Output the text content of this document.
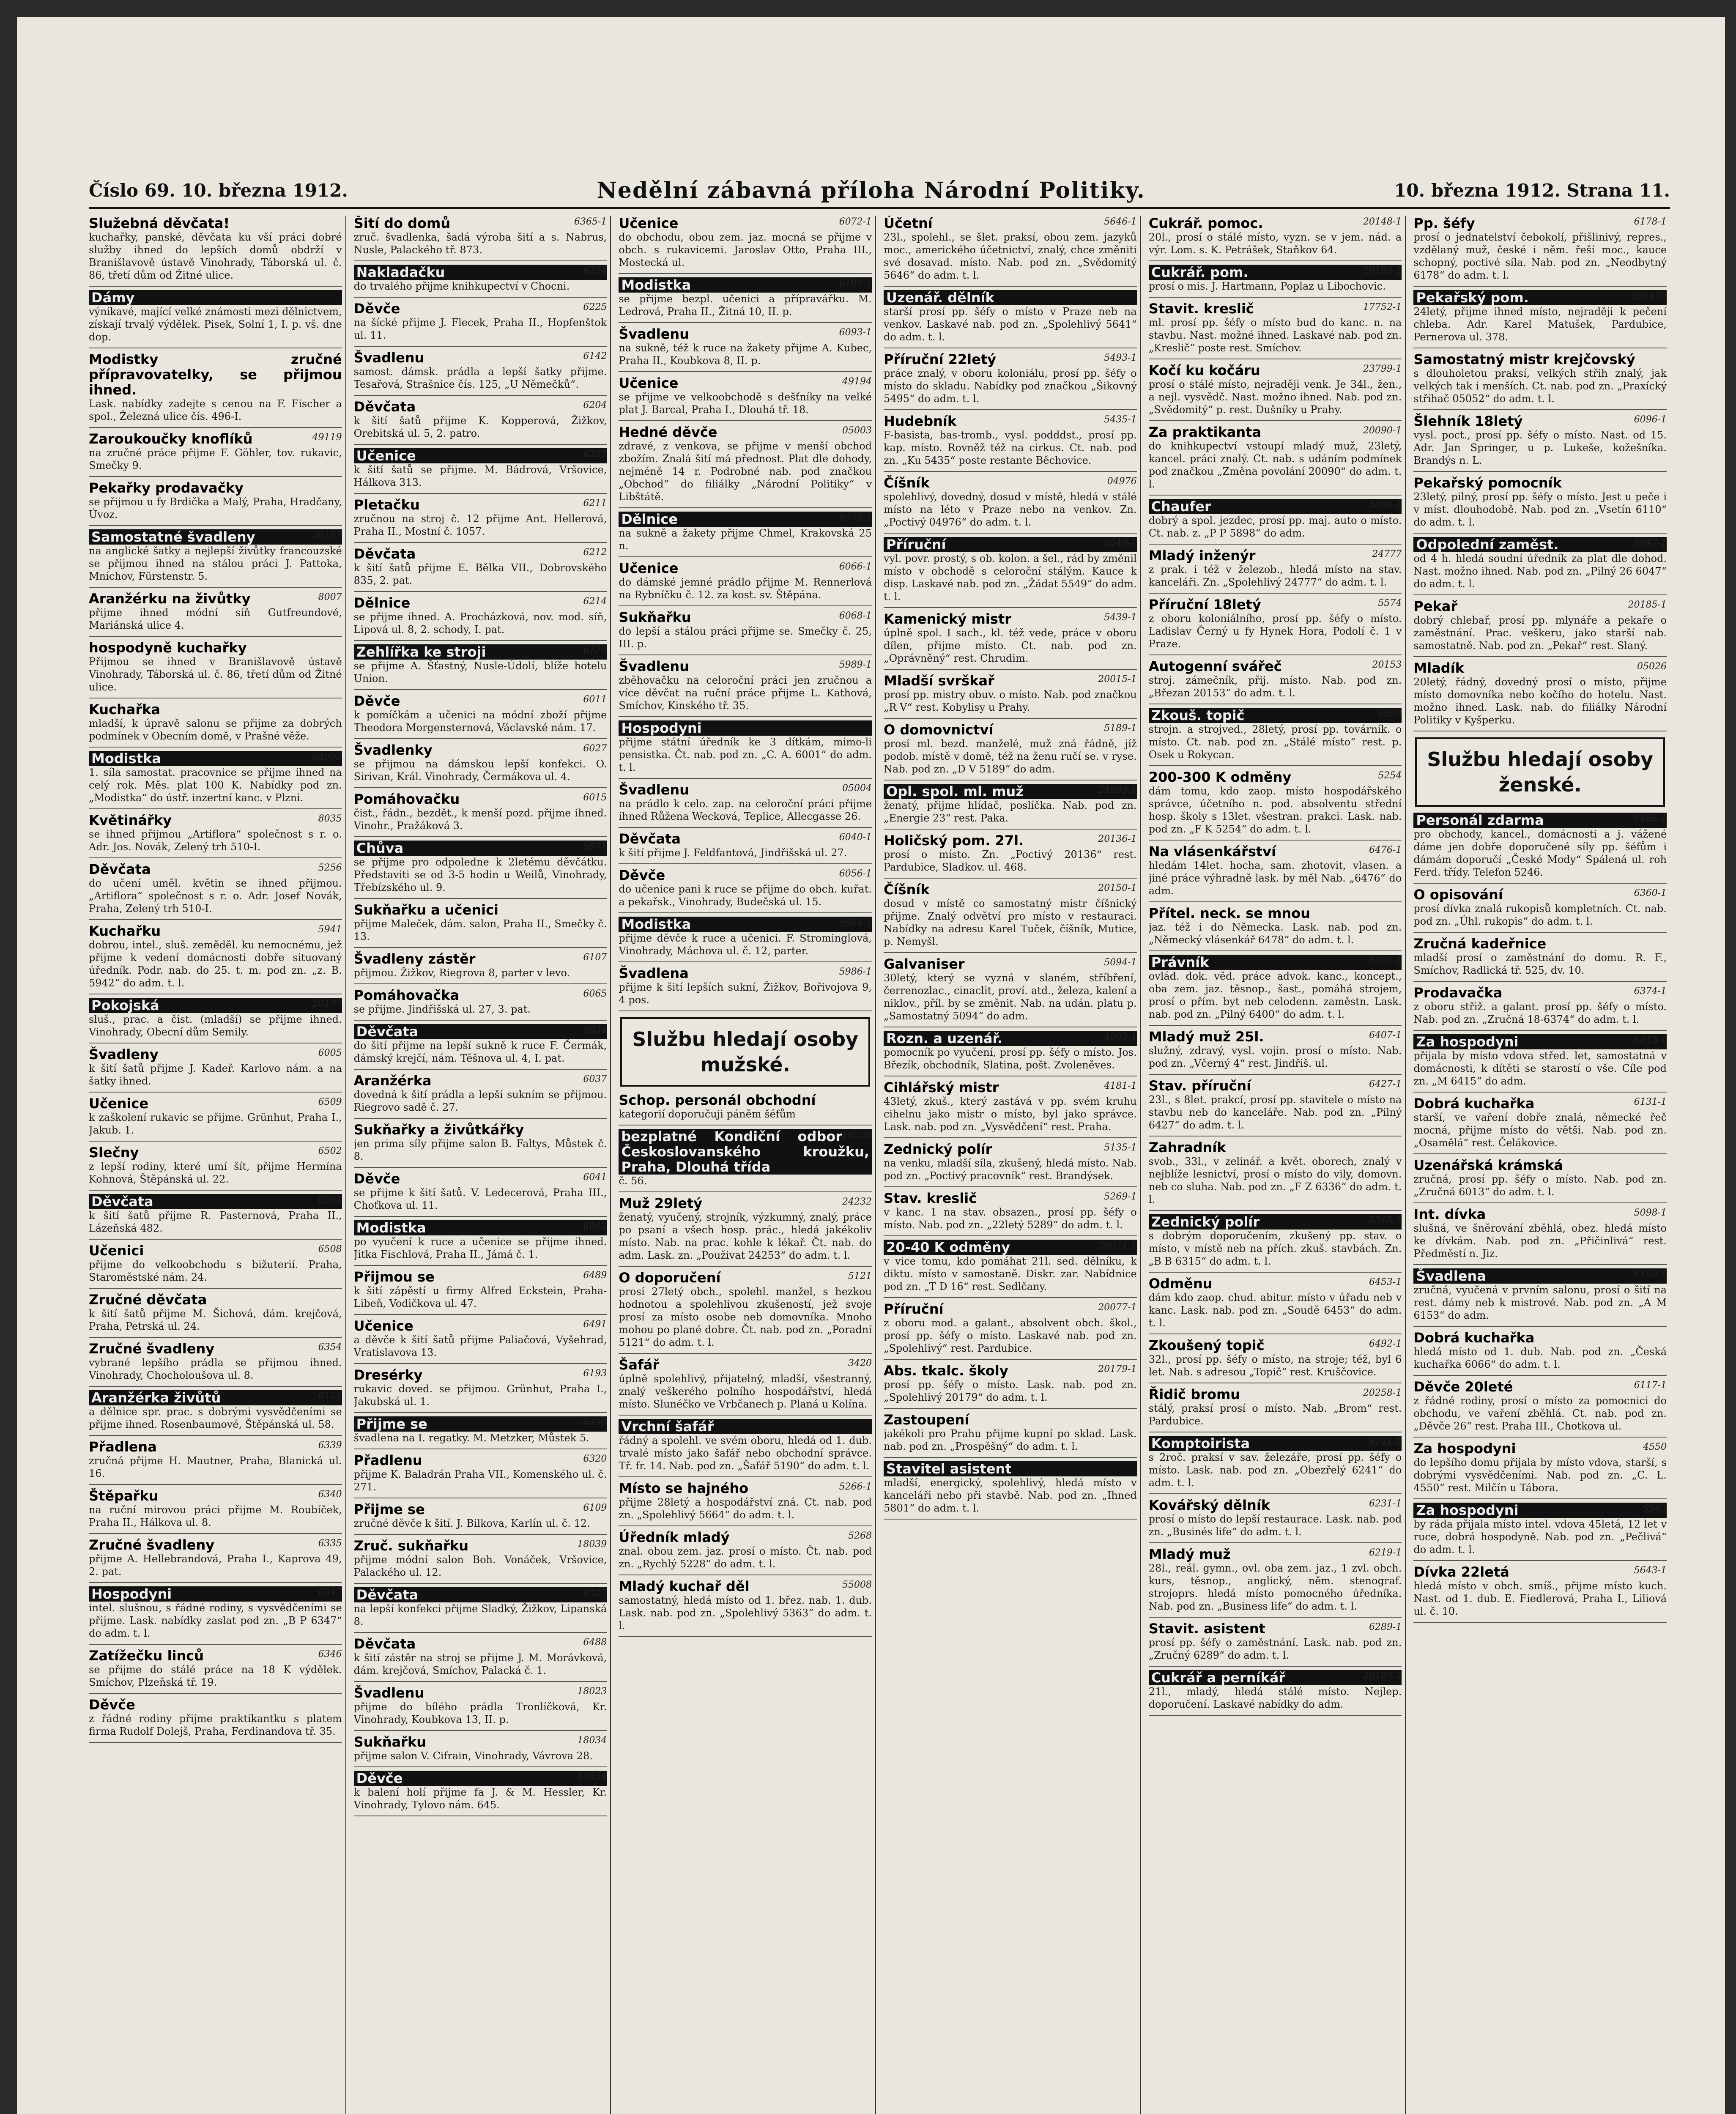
Číslo 69. 10. března 1912.	Nedělní zábavná příloha Národní Politiky.	10. března 1912. Strana 11.
Služebná děvčata!
kuchařky, panské, děvčata ku vší práci dobré služby ihned do lepších domů obdrží v Branišlavově ústavě Vinohrady, Táborská ul. č. 86, třetí dům od Žitné ulice.
Dámy
výnikavé, mající velké známosti mezi dělnictvem, získají trvalý výdělek. Pisek, Solní 1, I. p. vš. dne dop.
Modistky zručné přípravovatelky, se přijmou ihned.
Lask. nabídky zadejte s cenou na F. Fischer a spol., Železná ulice čís. 496-I.
49119
Zaroukoučky knoflíků
na zručné práce přijme F. Göhler, tov. rukavic, Smečky 9.
Pekařky prodavačky
se přijmou u fy Brdička a Malý, Praha, Hradčany, Úvoz.
20187
Samostatné švadleny
na anglické šatky a nejlepší živůtky francouzské se přijmou ihned na stálou práci J. Pattoka, Mníchov, Fürstenstr. 5.
8007
Aranžérku na živůtky
přijme ihned módní síň Gutfreundové, Mariánská ulice 4.
hospodyně kuchařky
Přijmou se ihned v Branišlavově ústavě Vinohrady, Táborská ul. č. 86, třetí dům od Žitné ulice.
Kuchařka
mladší, k úpravě salonu se přijme za dobrých podmínek v Obecním domě, v Prašné věže.
04903
Modistka
1. síla samostat. pracovnice se přijme ihned na celý rok. Měs. plat 100 K. Nabídky pod zn. „Modistka“ do ústř. inzertní kanc. v Plzni.
8035
Květinářky
se ihned přijmou „Artiflora“ společnost s r. o. Adr. Jos. Novák, Zelený trh 510-I.
5256
Děvčata
do učení uměl. květin se ihned přijmou. „Artiflora“ společnost s r. o. Adr. Josef Novák, Praha, Zelený trh 510-I.
5941
Kuchařku
dobrou, intel., sluš. zeměděl. ku nemocnému, jež přijme k vedení domácnosti dobře situovaný úředník. Podr. nab. do 25. t. m. pod zn. „z. B. 5942“ do adm. t. l.
20177
Pokojská
sluš., prac. a čist. (mladší) se přijme ihned. Vinohrady, Obecní dům Semily.
6005
Švadleny
k šití šatů přijme J. Kadeř. Karlovo nám. a na šatky ihned.
6509
Učenice
k zaškolení rukavic se přijme. Grünhut, Praha I., Jakub. 1.
6502
Slečny
z lepší rodiny, které umí šít, přijme Hermína Kohnová, Štěpánská ul. 22.
6504
Děvčata
k šití šatů přijme R. Pasternová, Praha II., Lázeňská 482.
6508
Učenici
přijme do velkoobchodu s bižuterií. Praha, Staroměstské nám. 24.
Zručné děvčata
k šití šatů přijme M. Šichová, dám. krejčová, Praha, Petrská ul. 24.
6354
Zručné švadleny
vybrané lepšího prádla se přijmou ihned. Vinohrady, Chocholoušova ul. 8.
6151
Aranžérka živůtů
a dělnice spr. prac. s dobrými vysvědčeními se přijme ihned. Rosenbaumové, Štěpánská ul. 58.
6339
Přadlena
zručná přijme H. Mautner, Praha, Blanická ul. 16.
6340
Štěpařku
na ruční mirovou práci přijme M. Roubíček, Praha II., Hálkova ul. 8.
6335
Zručné švadleny
přijme A. Hellebrandová, Praha I., Kaprova 49, 2. pat.
6347
Hospodyni
intel. slušnou, s řádné rodiny, s vysvědčeními se přijme. Lask. nabídky zaslat pod zn. „B P 6347“ do adm. t. l.
6346
Zatížečku linců
se přijme do stálé práce na 18 K výdělek. Smíchov, Plzeňská tř. 19.
Děvče
z řádné rodiny přijme praktikantku s platem firma Rudolf Dolejš, Praha, Ferdinandova tř. 35.
6365-1
Šití do domů
zruč. švadlenka, šadá výroba šití a s. Nabrus, Nusle, Palackého tř. 873.
6224
Nakladačku
do trvalého přijme knihkupectví v Chocni.
6225
Děvče
na šícké přijme J. Flecek, Praha II., Hopfenštok ul. 11.
6142
Švadlenu
samost. dámsk. prádla a lepší šatky přijme. Tesařová, Strašnice čís. 125, „U Němečků“.
6204
Děvčata
k šití šatů přijme K. Kopperová, Žižkov, Orebitská ul. 5, 2. patro.
6207
Učenice
k šití šatů se přijme. M. Bádrová, Vršovice, Hálkova 313.
6211
Pletačku
zručnou na stroj č. 12 přijme Ant. Hellerová, Praha II., Mostní č. 1057.
6212
Děvčata
k šití šatů přijme E. Bělka VII., Dobrovského 835, 2. pat.
6214
Dělnice
se přijme ihned. A. Procházková, nov. mod. síň, Lipová ul. 8, 2. schody, I. pat.
6123
Zehlířka ke stroji
se přijme A. Šťastný, Nusle-Údolí, blíže hotelu Union.
6011
Děvče
k pomíčkám a učenici na módní zboží přijme Theodora Morgensternová, Václavské nám. 17.
6027
Švadlenky
se přijmou na dámskou lepší konfekci. O. Sirivan, Král. Vinohrady, Čermákova ul. 4.
6015
Pomáhovačku
čist., řádn., bezdět., k menší pozd. přijme ihned. Vinohr., Pražáková 3.
5871
Chůva
se přijme pro odpoledne k 2letému děvčátku. Představiti se od 3-5 hodin u Weilů, Vinohrady, Třebízského ul. 9.
Sukňařku a učenici
přijme Maleček, dám. salon, Praha II., Smečky č. 13.
6107
Švadleny zástěr
přijmou. Žižkov, Riegrova 8, parter v levo.
6065
Pomáhovačka
se přijme. Jindřišská ul. 27, 3. pat.
6034
Děvčata
do šití přijme na lepší sukně k ruce F. Čermák, dámský krejčí, nám. Těšnova ul. 4, I. pat.
6037
Aranžérka
dovedná k šití prádla a lepší sukním se přijmou. Riegrovo sadě č. 27.
Sukňařky a živůtkářky
jen prima síly přijme salon B. Faltys, Můstek č. 8.
6041
Děvče
se přijme k šití šatů. V. Ledecerová, Praha III., Choťkova ul. 11.
6042
Modistka
po vyučení k ruce a učenice se přijme ihned. Jitka Fischlová, Praha II., Jámá č. 1.
6489
Přijmou se
k šití zápěstí u firmy Alfred Eckstein, Praha-Libeň, Vodičkova ul. 47.
6491
Učenice
a děvče k šití šatů přijme Paliačová, Vyšehrad, Vratislavova 13.
6193
Dresérky
rukavic doved. se přijmou. Grünhut, Praha I., Jakubská ul. 1.
6490
Přijme se
švadlena na I. regatky. M. Metzker, Můstek 5.
6320
Přadlenu
přijme K. Baladrán Praha VII., Komenského ul. č. 271.
6109
Přijme se
zručné děvče k šití. J. Bilkova, Karlín ul. č. 12.
18039
Zruč. sukňařku
přijme módní salon Boh. Vonáček, Vršovice, Palackého ul. 12.
6327
Děvčata
na lepší konfekci přijme Sladký, Žižkov, Lipanská 8.
6488
Děvčata
k šití zástěr na stroj se přijme J. M. Morávková, dám. krejčová, Smíchov, Palacká č. 1.
18023
Švadlenu
přijme do bílého prádla Tronlíčková, Kr. Vinohrady, Koubkova 13, II. p.
18034
Sukňařku
přijme salon V. Cifrain, Vinohrady, Vávrova 28.
18034
Děvče
k balení holí přijme fa J. & M. Hessler, Kr. Vinohrady, Tylovo nám. 645.
6072-1
Učenice
do obchodu, obou zem. jaz. mocná se přijme v obch. s rukavicemi. Jaroslav Otto, Praha III., Mostecká ul.
6101-1
Modistka
se přijme bezpl. učenici a přípravářku. M. Ledrová, Praha II., Žitná 10, II. p.
6093-1
Švadlenu
na sukně, též k ruce na žakety přijme A. Kubec, Praha II., Koubkova 8, II. p.
49194
Učenice
se přijme ve velkoobchodě s dešťníky na velké plat J. Barcal, Praha I., Dlouhá tř. 18.
05003
Hedné děvče
zdravé, z venkova, se přijme v menší obchod zbožím. Znalá šití má přednost. Plat dle dohody, nejméně 14 r. Podrobné nab. pod značkou „Obchod“ do filiálky „Národní Politiky“ v Libštátě.
6078-1
Dělnice
na sukně a žakety přijme Chmel, Krakovská 25 n.
6066-1
Učenice
do dámské jemné prádlo přijme M. Rennerlová na Rybníčku č. 12. za kost. sv. Štěpána.
6068-1
Sukňařku
do lepší a stálou práci přijme se. Smečky č. 25, III. p.
5989-1
Švadlenu
zběhovačku na celoroční práci jen zručnou a více děvčat na ruční práce přijme L. Kathová, Smíchov, Kinského tř. 35.
Hospodyni
přijme státní úředník ke 3 dítkám, mimo-li pensistka. Čt. nab. pod zn. „C. A. 6001“ do adm. t. l.
05004
Švadlenu
na prádlo k celo. zap. na celoroční práci přijme ihned Růžena Wecková, Teplice, Allecgasse 26.
6040-1
Děvčata
k šití přijme J. Feldfantová, Jindřišská ul. 27.
6056-1
Děvče
do učenice pani k ruce se přijme do obch. kuřat. a pekařsk., Vinohrady, Budečská ul. 15.
5984-1
Modistka
přijme děvče k ruce a učenici. F. Strominglová, Vinohrady, Máchova ul. č. 12, parter.
5986-1
Švadlena
přijme k šití lepších sukní, Žižkov, Bořivojova 9, 4 pos.
Službu hledají osoby mužské.
Schop. personál obchodní
kategorií doporučuji páněm šéfům
16250
bezplatné Kondiční odbor Českoslovanského kroužku, Praha, Dlouhá třída
č. 56.
24232
Muž 29letý
ženatý, vyučený, strojník, výzkumný, znalý, práce po psaní a všech hosp. prác., hledá jakékoliv místo. Nab. na prac. kohle k lékař. Čt. nab. do adm. Lask. zn. „Použivat 24253“ do adm. t. l.
5121
O doporučení
prosí 27letý obch., spolehl. manžel, s hezkou hodnotou a spolehlivou zkušeností, jež svoje prosí za místo osobe neb domovníka. Mnoho mohou po plané dobre. Čt. nab. pod zn. „Poradní 5121“ do adm. t. l.
3420
Šafář
úplně spolehlivý, přijatelný, mladší, všestranný, znalý veškerého polního hospodářství, hledá místo. Slunéčko ve Vrbčanech p. Planá u Kolína.
Vrchní šafář
řádný a spolehl. ve svém oboru, hledá od 1. dub. trvalé místo jako šafář nebo obchodní správce. Tř. fr. 14. Nab. pod zn. „Šafář 5190“ do adm. t. l.
5266-1
Místo se hajného
přijme 28letý a hospodářství zná. Ct. nab. pod zn. „Spolehlivý 5664“ do adm. t. l.
5268
Úředník mladý
znal. obou zem. jaz. prosí o místo. Čt. nab. pod zn. „Rychlý 5228“ do adm. t. l.
55008
Mladý kuchař děl
samostatný, hledá místo od 1. břez. nab. 1. dub. Lask. nab. pod zn. „Spolehlivý 5363“ do adm. t. l.
5646-1
Účetní
23l., spolehl., se šlet. praksí, obou zem. jazyků moc., amerického účetnictví, znalý, chce změniti své dosavad. místo. Nab. pod zn. „Svědomitý 5646“ do adm. t. l.
Uzenář. dělník
starší prosí pp. šéfy o místo v Praze neb na venkov. Laskavé nab. pod zn. „Spolehlivý 5641“ do adm. t. l.
5493-1
Příruční 22letý
práce znalý, v oboru koloniálu, prosí pp. šéfy o místo do skladu. Nabídky pod značkou „Šikovný 5495“ do adm. t. l.
5435-1
Hudebník
F-basista, bas-tromb., vysl. podddst., prosí pp. kap. místo. Rovněž též na cirkus. Ct. nab. pod zn. „Ku 5435“ poste restante Běchovice.
04976
Číšník
spolehlivý, dovedný, dosud v místě, hledá v stálé místo na léto v Praze nebo na venkov. Zn. „Poctivý 04976“ do adm. t. l.
5549-1
Příruční
vyl. povr. prostý, s ob. kolon. a šel., rád by změnil místo v obchodě s celoroční stálým. Kauce k disp. Laskavé nab. pod zn. „Žádat 5549“ do adm. t. l.
5439-1
Kamenický mistr
úplně spol. I sach., kl. též vede, práce v oboru dílen, přijme místo. Ct. nab. pod zn. „Oprávněný“ rest. Chrudim.
20015-1
Mladší svrškař
prosí pp. mistry obuv. o místo. Nab. pod značkou „R V“ rest. Kobylisy u Prahy.
5189-1
O domovnictví
prosí ml. bezd. manželé, muž zná řádně, jíž podob. místě v domě, též na ženu ručí se. v ryse. Nab. pod zn. „D V 5189“ do adm.
24993-1
Opl. spol. ml. muž
ženatý, přijme hlídač, poslíčka. Nab. pod zn. „Energie 23“ rest. Paka.
20136-1
Holičský pom. 27l.
prosí o místo. Zn. „Poctivý 20136“ rest. Pardubice, Sladkov. ul. 468.
20150-1
Číšník
dosud v místě co samostatný mistr číšnický přijme. Znalý odvětví pro místo v restauraci. Nabídky na adresu Karel Tuček, číšník, Mutice, p. Nemyšl.
5094-1
Galvaniser
30letý, který se vyzná v slaném, stříbření, čerrenozlac., cinaclit, proví. atd., železa, kalení a niklov., příl. by se změnit. Nab. na udán. platu p. „Samostatný 5094“ do adm.
4063-1
Rozn. a uzenář.
pomocník po vyučení, prosí pp. šéfy o místo. Jos. Březík, obchodník, Slatina, pošt. Zvoleněves.
4181-1
Cihlářský mistr
43letý, zkuš., který zastává v pp. svém kruhu cihelnu jako mistr o místo, byl jako správce. Lask. nab. pod zn. „Vysvědčení“ rest. Praha.
5135-1
Zednický polír
na venku, mladší síla, zkušený, hledá místo. Nab. pod zn. „Poctivý pracovník“ rest. Brandýsek.
5269-1
Stav. kreslič
v kanc. 1 na stav. obsazen., prosí pp. šéfy o místo. Nab. pod zn. „22letý 5289“ do adm. t. l.
20071-1
20-40 K odměny
v vice tomu, kdo pomáhat 21l. sed. dělníku, k diktu. místo v samostaně. Diskr. zar. Nabídnice pod zn. „T D 16“ rest. Sedlčany.
20077-1
Příruční
z oboru mod. a galant., absolvent obch. škol., prosí pp. šéfy o místo. Laskavé nab. pod zn. „Spolehlivý“ rest. Pardubice.
20179-1
Abs. tkalc. školy
prosí pp. šéfy o místo. Lask. nab. pod zn. „Spolehlivý 20179“ do adm. t. l.
Zastoupení
jakékoli pro Prahu přijme kupní po sklad. Lask. nab. pod zn. „Prospěšný“ do adm. t. l.
Stavitel asistent
mladší, energický, spolehlivý, hledá místo v kanceláři nebo při stavbě. Nab. pod zn. „Ihned 5801“ do adm. t. l.
20148-1
Cukrář. pomoc.
20l., prosí o stálé místo, vyzn. se v jem. nád. a výr. Lom. s. K. Petrášek, Staňkov 64.
20198-1
Cukrář. pom.
prosí o mis. J. Hartmann, Poplaz u Libochovic.
17752-1
Stavit. kreslič
ml. prosí pp. šéfy o místo bud do kanc. n. na stavbu. Nast. možné ihned. Laskavé nab. pod zn. „Kreslič“ poste rest. Smíchov.
23799-1
Kočí ku kočáru
prosí o stálé místo, nejraději venk. Je 34l., žen., a nejl. vysvědč. Nast. možno ihned. Nab. pod zn. „Svědomitý“ p. rest. Dušníky u Prahy.
20090-1
Za praktikanta
do knihkupectví vstoupí mladý muž, 23letý, kancel. práci znalý. Ct. nab. s udáním podmínek pod značkou „Změna povolání 20090“ do adm. t. l.
5898-1
Chaufer
dobrý a spol. jezdec, prosí pp. maj. auto o místo. Ct. nab. z. „P P 5898“ do adm.
24777
Mladý inženýr
z prak. i též v železob., hledá místo na stav. kanceláři. Zn. „Spolehlivý 24777“ do adm. t. l.
5574
Příruční 18letý
z oboru koloniálního, prosí pp. šéfy o místo. Ladislav Černý u fy Hynek Hora, Podolí č. 1 v Praze.
20153
Autogenní svářeč
stroj. zámečník, přij. místo. Nab. pod zn. „Březan 20153“ do adm. t. l.
6599
Zkouš. topič
strojn. a strojved., 28letý, prosí pp. továrník. o místo. Ct. nab. pod zn. „Stálé místo“ rest. p. Osek u Rokycan.
5254
200-300 K odměny
dám tomu, kdo zaop. místo hospodářského správce, účetního n. pod. absolventu střední hosp. školy s 13let. všestran. prakci. Lask. nab. pod zn. „F K 5254“ do adm. t. l.
6476-1
Na vlásenkářství
hledám 14let. hocha, sam. zhotovit, vlasen. a jiné práce výhradně lask. by měl Nab. „6476“ do adm.
Přítel. neck. se mnou
jaz. též i do Německa. Lask. nab. pod zn. „Německý vlásenkář 6478“ do adm. t. l.
6400-1
Právník
ovlád. dok. věd. práce advok. kanc., koncept., oba zem. jaz. těsnop., šast., pomáhá strojem, prosí o přím. byt neb celodenn. zaměstn. Lask. nab. pod zn. „Pilný 6400“ do adm. t. l.
6407-1
Mladý muž 25l.
služný, zdravý, vysl. vojin. prosí o místo. Nab. pod zn. „Včerný 4“ rest. Jindřiš. ul.
6427-1
Stav. příruční
23l., s 8let. prakcí, prosí pp. stavitele o místo na stavbu neb do kanceláře. Nab. pod zn. „Pilný 6427“ do adm. t. l.
Zahradník
svob., 33l., v zelinář. a květ. oborech, znalý v nejblíže lesnictví, prosí o místo do vily, domovn. neb co sluha. Nab. pod zn. „F Z 6336“ do adm. t. l.
5315-1
Zednický polír
s dobrým doporučením, zkušený pp. stav. o místo, v místě neb na přích. zkuš. stavbách. Zn. „B B 6315“ do adm. t. l.
6453-1
Odměnu
dám kdo zaop. chud. abitur. místo v úřadu neb v kanc. Lask. nab. pod zn. „Soudě 6453“ do adm. t. l.
6492-1
Zkoušený topič
32l., prosí pp. šéfy o místo, na stroje; též, byl 6 let. Nab. s adresou „Topič“ rest. Kruščovice.
20258-1
Řidič bromu
stálý, praksí prosí o místo. Nab. „Brom“ rest. Pardubice.
6241-1
Komptoirista
s 2roč. praksí v sav. železáře, prosí pp. šéfy o místo. Lask. nab. pod zn. „Obezřelý 6241“ do adm. t. l.
6231-1
Kovářský dělník
prosí o místo do lepší restaurace. Lask. nab. pod zn. „Businés life“ do adm. t. l.
6219-1
Mladý muž
28l., reál. gymn., ovl. oba zem. jaz., 1 zvl. obch. kurs, těsnop., anglický, něm. stenograf. strojoprs. hledá místo pomocného úředníka. Nab. pod zn. „Business life“ do adm. t. l.
6289-1
Stavit. asistent
prosí pp. šéfy o zaměstnání. Lask. nab. pod zn. „Zručný 6289“ do adm. t. l.
20109-1
Cukrář a perníkář
21l., mladý, hledá stálé místo. Nejlep. doporučení. Laskavé nabídky do adm.
6178-1
Pp. šéfy
prosí o jednatelství čebokolí, přišlinivý, repres., vzdělaný muž, české i něm. řeší moc., kauce schopný, poctivé síla. Nab. pod zn. „Neodbytný 6178“ do adm. t. l.
050450
Pekařský pom.
24letý, přijme ihned místo, nejraději k pečení chleba. Adr. Karel Matušek, Pardubice, Pernerova ul. 378.
Samostatný mistr krejčovský
s dlouholetou praksí, velkých střih znalý, jak velkých tak i menších. Ct. nab. pod zn. „Praxícký střihač 05052“ do adm. t. l.
6096-1
Šlehník 18letý
vysl. poct., prosí pp. šéfy o místo. Nast. od 15. Adr. Jan Springer, u p. Lukeše, kožešníka. Brandýs n. L.
Pekařský pomocník
23letý, pilný, prosí pp. šéfy o místo. Jest u peče i v míst. dlouhodobě. Nab. pod zn. „Vsetín 6110“ do adm. t. l.
6047-1
Odpolední zaměst.
od 4 h. hledá soudní úředník za plat dle dohod. Nast. možno ihned. Nab. pod zn. „Pilný 26 6047“ do adm. t. l.
20185-1
Pekař
dobrý chlebař, prosí pp. mlynáře a pekaře o zaměstnání. Prac. veškeru, jako starší nab. samostatně. Nab. pod zn. „Pekař“ rest. Slaný.
05026
Mladík
20letý, řádný, dovedný prosí o místo, přijme místo domovníka nebo kočího do hotelu. Nast. možno ihned. Lask. nab. do filiálky Národní Politiky v Kyšperku.
Službu hledají osoby ženské.
6455-1
Personál zdarma
pro obchody, kancel., domácnosti a j. vážené dáme jen dobře doporučené síly pp. šéfům i dámám doporučí „České Mody“ Spálená ul. roh Ferd. třídy. Telefon 5246.
6360-1
O opisování
prosí dívka znalá rukopisů kompletních. Ct. nab. pod zn. „Úhl. rukopis“ do adm. t. l.
Zručná kadeřnice
mladší prosí o zaměstnání do domu. R. F., Smíchov, Radlická tř. 525, dv. 10.
6374-1
Prodavačka
z oboru střiž. a galant. prosí pp. šéfy o místo. Nab. pod zn. „Zručná 18-6374“ do adm. t. l.
6415-1
Za hospodyni
přijala by místo vdova střed. let, samostatná v domácnosti, k dítěti se starostí o vše. Cíle pod zn. „M 6415“ do adm.
6131-1
Dobrá kuchařka
starší, ve vaření dobře znalá, německé řeč mocná, přijme místo do větši. Nab. pod zn. „Osamělá“ rest. Čelákovice.
Uzenářská krámská
zručná, prosí pp. šéfy o místo. Nab. pod zn. „Zručná 6013“ do adm. t. l.
5098-1
Int. dívka
slušná, ve šněrování zběhlá, obez. hledá místo ke dívkám. Nab. pod zn. „Přičinlivá“ rest. Předměstí n. Jiz.
6153-1
Švadlena
zručná, vyučená v prvním salonu, prosí o šití na rest. dámy neb k mistrové. Nab. pod zn. „A M 6153“ do adm.
Dobrá kuchařka
hledá místo od 1. dub. Nab. pod zn. „Česká kuchařka 6066“ do adm. t. l.
6117-1
Děvče 20leté
z řádné rodiny, prosí o místo za pomocnici do obchodu, ve vaření zběhlá. Ct. nab. pod zn. „Děvče 26“ rest. Praha III., Chotkova ul.
4550
Za hospodyni
do lepšího domu přijala by místo vdova, starší, s dobrými vysvědčeními. Nab. pod zn. „C. L. 4550“ rest. Milčín u Tábora.
5562
Za hospodyni
by ráda přijala místo intel. vdova 45letá, 12 let v ruce, dobrá hospodyně. Nab. pod zn. „Pečlivá“ do adm. t. l.
5643-1
Dívka 22letá
hledá místo v obch. smíš., přijme místo kuch. Nast. od 1. dub. E. Fiedlerová, Praha I., Liliová ul. č. 10.
